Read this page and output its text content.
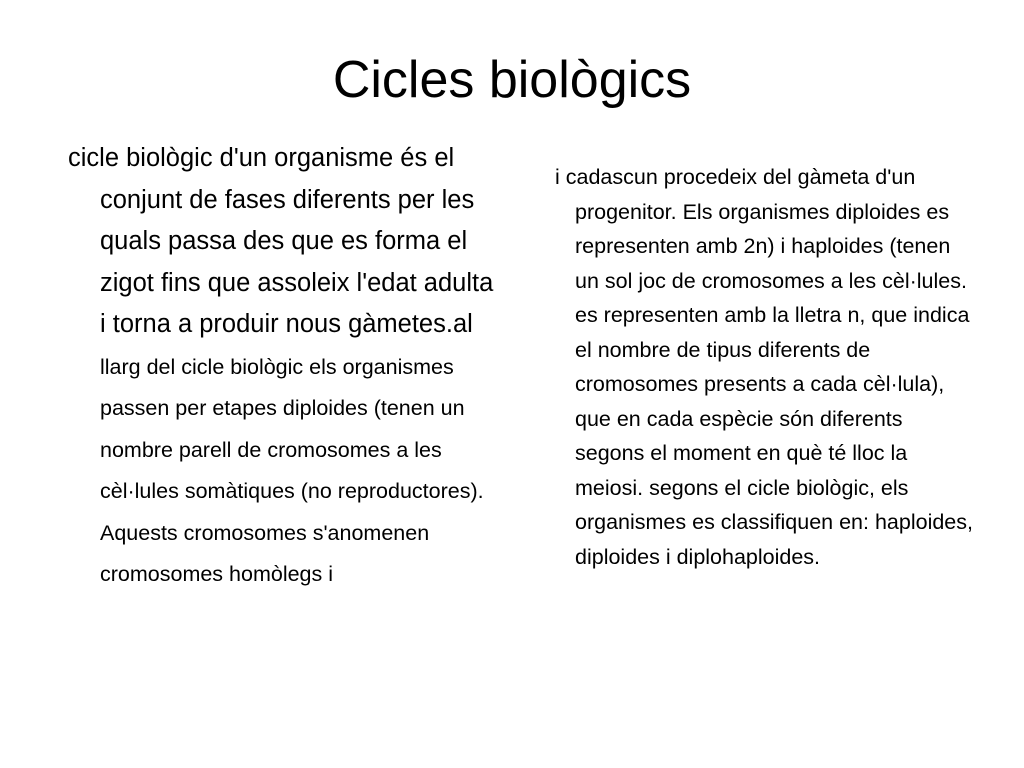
Cicles biològics

cicle biològic d'un organisme és el conjunt de fases diferents per les quals passa des que es forma el zigot fins que assoleix l'edat adulta i torna a produir nous gàmetes.al llarg del cicle biològic els organismes passen per etapes diploides (tenen un nombre parell de cromosomes a les cèl·lules somàtiques (no reproductores). Aquests cromosomes s'anomenen cromosomes homòlegs i

i cadascun procedeix del gàmeta d'un progenitor. Els organismes diploides es representen amb 2n) i haploides (tenen un sol joc de cromosomes a les cèl·lules. es representen amb la lletra n, que indica el nombre de tipus diferents de cromosomes presents a cada cèl·lula), que en cada espècie són diferents segons el moment en què té lloc la meiosi. segons el cicle biològic, els organismes es classifiquen en: haploides, diploides i diplohaploides.
